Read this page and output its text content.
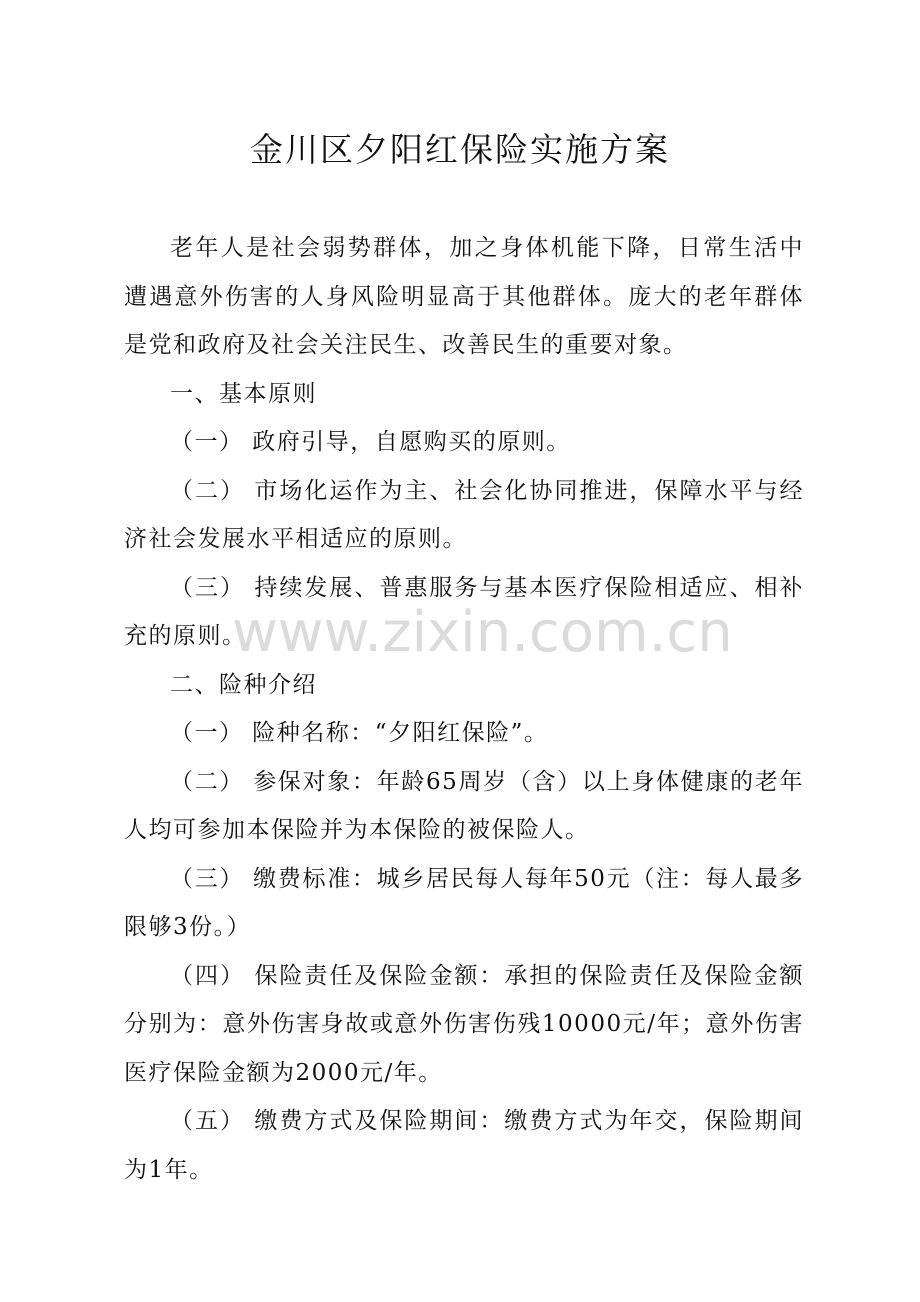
金川区夕阳红保险实施方案

老年人是社会弱势群体，加之身体机能下降，日常生活中遭遇意外伤害的人身风险明显高于其他群体。庞大的老年群体是党和政府及社会关注民生、改善民生的重要对象。

一、基本原则

（一） 政府引导，自愿购买的原则。

（二） 市场化运作为主、社会化协同推进，保障水平与经济社会发展水平相适应的原则。

（三） 持续发展、普惠服务与基本医疗保险相适应、相补充的原则。

二、险种介绍

（一） 险种名称：“夕阳红保险”。

（二） 参保对象：年龄65周岁（含）以上身体健康的老年人均可参加本保险并为本保险的被保险人。

（三） 缴费标准：城乡居民每人每年50元（注：每人最多限够3份。）

（四） 保险责任及保险金额：承担的保险责任及保险金额分别为：意外伤害身故或意外伤害伤残10000元/年；意外伤害医疗保险金额为2000元/年。

（五） 缴费方式及保险期间：缴费方式为年交，保险期间为1年。

www.zixin.com.cn
